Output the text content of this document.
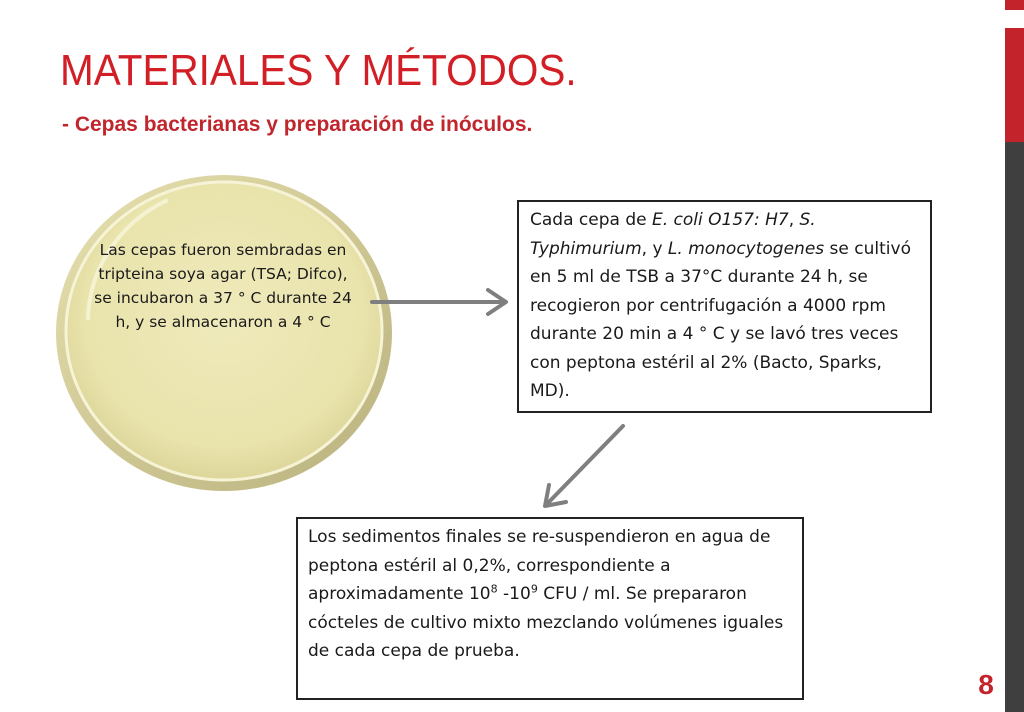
MATERIALES Y MÉTODOS.
- Cepas bacterianas y preparación de inóculos.
8
Las cepas fueron sembradas en tripteina soya agar (TSA; Difco), se incubaron a 37 ° C durante 24 h, y se almacenaron a 4 ° C
Cada cepa de E. coli O157: H7, S. Typhimurium, y L. monocytogenes se cultivó en 5 ml de TSB a 37°C durante 24 h, se recogieron por centrifugación a 4000 rpm durante 20 min a 4 ° C y se lavó tres veces con peptona estéril al 2% (Bacto, Sparks, MD).
Los sedimentos finales se re-suspendieron en agua de peptona estéril al 0,2%, correspondiente a aproximadamente $10^8$ $-10^9$ CFU / ml. Se prepararon cócteles de cultivo mixto mezclando volúmenes iguales de cada cepa de prueba.
